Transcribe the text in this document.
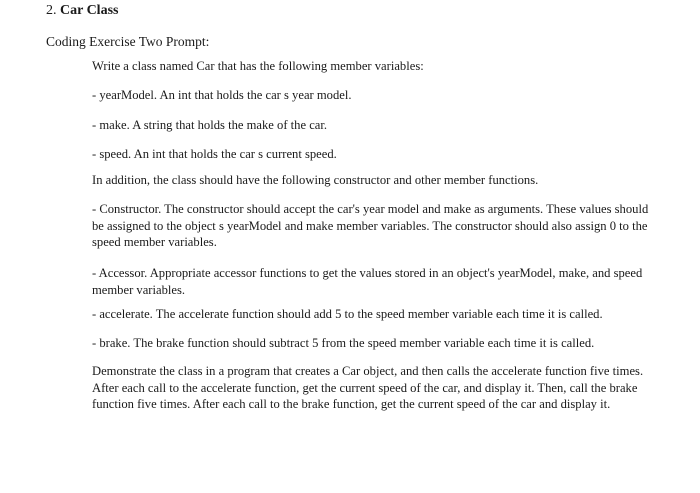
2. Car Class
Coding Exercise Two Prompt:

Write a class named Car that has the following member variables:

- yearModel. An int that holds the car s year model.

- make. A string that holds the make of the car.

- speed. An int that holds the car s current speed.

In addition, the class should have the following constructor and other member functions.

- Constructor. The constructor should accept the car's year model and make as arguments. These values should be assigned to the object s yearModel and make member variables. The constructor should also assign 0 to the speed member variables.

- Accessor. Appropriate accessor functions to get the values stored in an object's yearModel, make, and speed member variables.

- accelerate. The accelerate function should add 5 to the speed member variable each time it is called.

- brake. The brake function should subtract 5 from the speed member variable each time it is called.

Demonstrate the class in a program that creates a Car object, and then calls the accelerate function five times. After each call to the accelerate function, get the current speed of the car, and display it. Then, call the brake function five times. After each call to the brake function, get the current speed of the car and display it.
